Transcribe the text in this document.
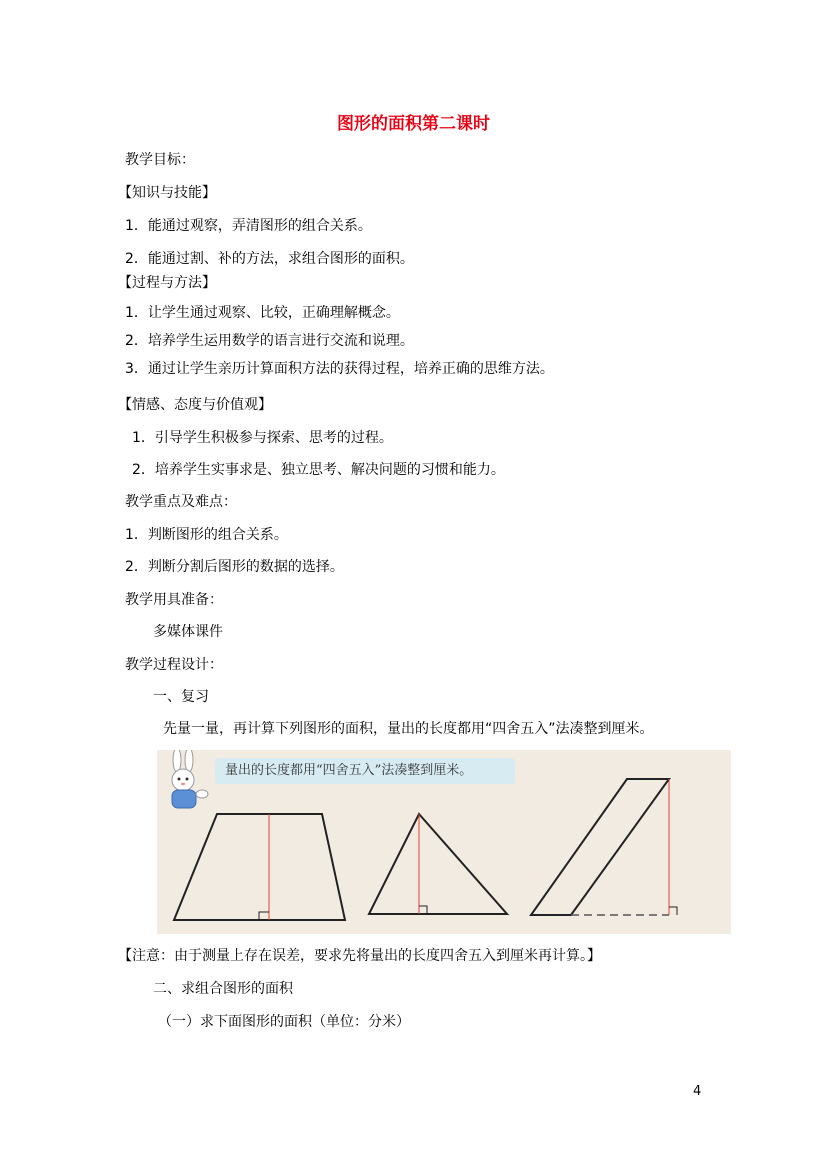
图形的面积第二课时
教学目标：
【知识与技能】
1．能通过观察，弄清图形的组合关系。
2．能通过割、补的方法，求组合图形的面积。
【过程与方法】
1．让学生通过观察、比较，正确理解概念。
2．培养学生运用数学的语言进行交流和说理。
3．通过让学生亲历计算面积方法的获得过程，培养正确的思维方法。
【情感、态度与价值观】
1．引导学生积极参与探索、思考的过程。
2．培养学生实事求是、独立思考、解决问题的习惯和能力。
教学重点及难点：
1．判断图形的组合关系。
2．判断分割后图形的数据的选择。
教学用具准备：
多媒体课件
教学过程设计：
一、复习
先量一量，再计算下列图形的面积，量出的长度都用“四舍五入”法凑整到厘米。
量出的长度都用“四舍五入”法凑整到厘米。
【注意：由于测量上存在误差，要求先将量出的长度四舍五入到厘米再计算。】
二、求组合图形的面积
（一）求下面图形的面积（单位：分米）
4
